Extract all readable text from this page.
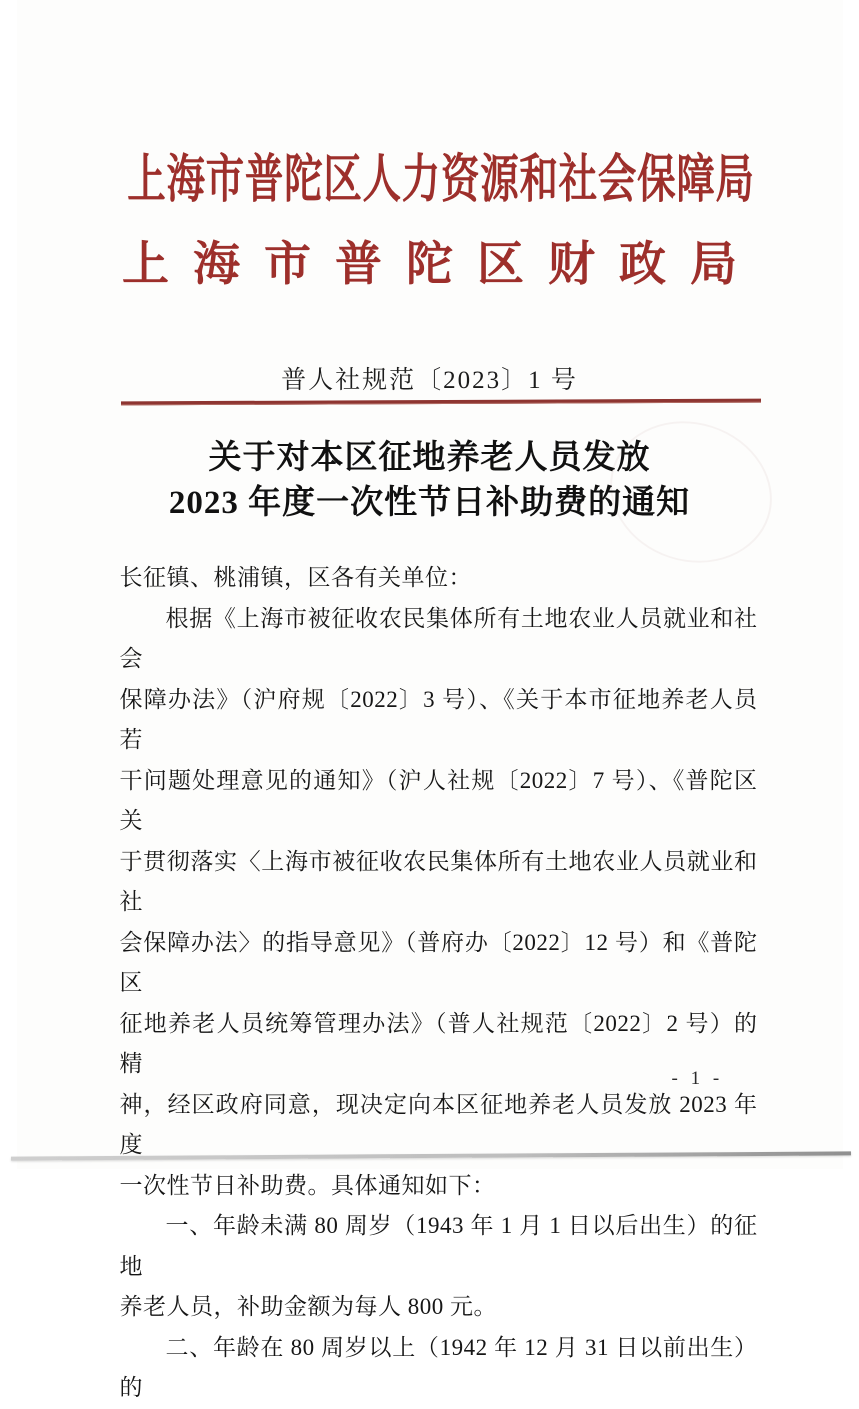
上海市普陀区人力资源和社会保障局
上海市普陀区财政局
普人社规范〔2023〕1 号
关于对本区征地养老人员发放
2023 年度一次性节日补助费的通知
长征镇、桃浦镇，区各有关单位：
根据《上海市被征收农民集体所有土地农业人员就业和社会
保障办法》（沪府规〔2022〕3 号）、《关于本市征地养老人员若
干问题处理意见的通知》（沪人社规〔2022〕7 号）、《普陀区关
于贯彻落实〈上海市被征收农民集体所有土地农业人员就业和社
会保障办法〉的指导意见》（普府办〔2022〕12 号）和《普陀区
征地养老人员统筹管理办法》（普人社规范〔2022〕2 号）的精
神，经区政府同意，现决定向本区征地养老人员发放 2023 年度
一次性节日补助费。具体通知如下：
一、年龄未满 80 周岁（1943 年 1 月 1 日以后出生）的征地
养老人员，补助金额为每人 800 元。
二、年龄在 80 周岁以上（1942 年 12 月 31 日以前出生）的
- 1 -
